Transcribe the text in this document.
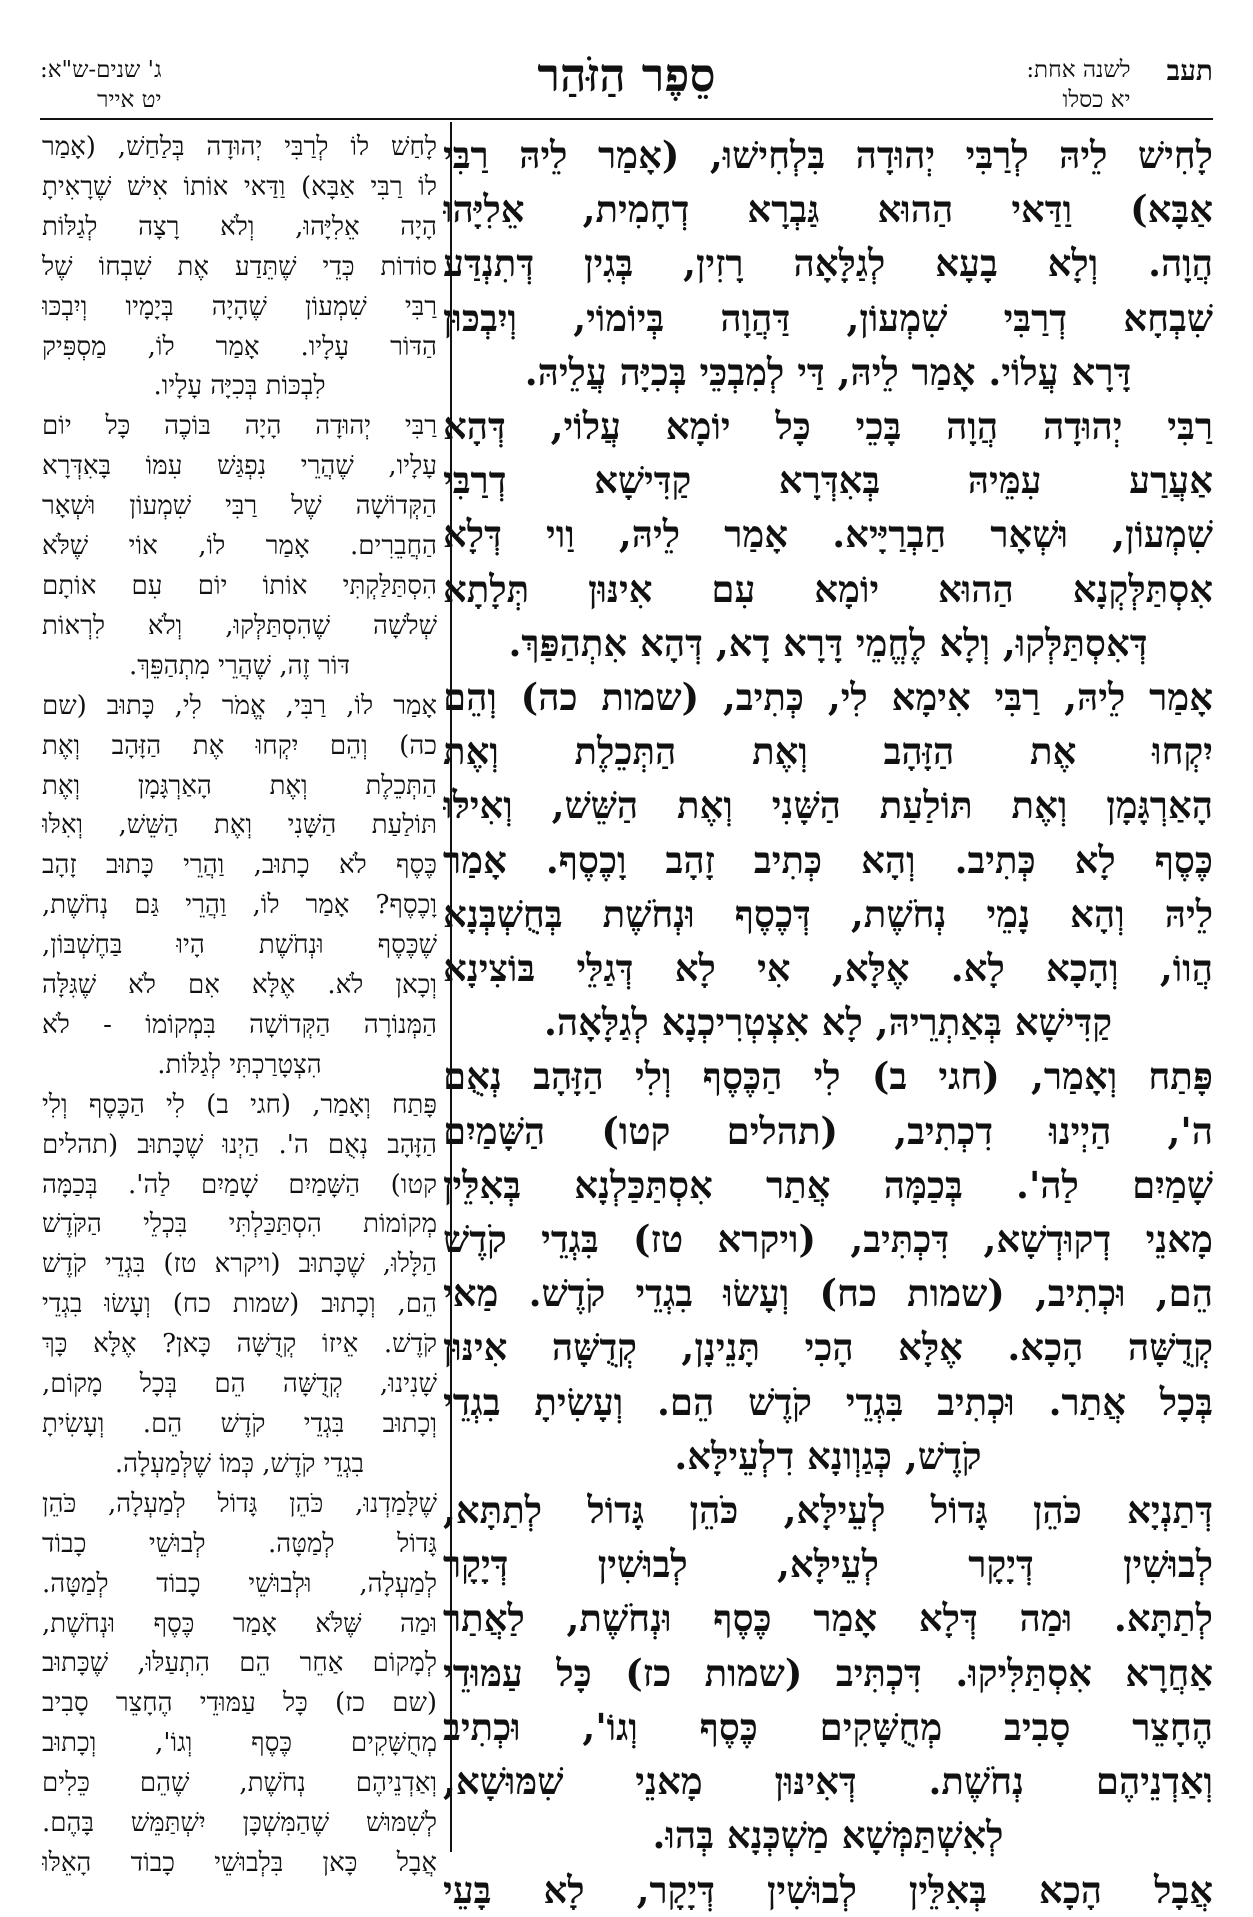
תעב
לשנה אחת:
יא כסלו
סֵפֶר הַזֹּהַר
ג' שנים-ש"א:
יט אייר
לָחִישׁ לֵיהּ לְרַבִּי יְהוּדָה בִּלְחִישׁוּ, (אָמַר לֵיהּ רַבִּי
אַבָּא) וַדַּאי הַהוּא גַּבְרָא דְחָמִית, אֵלִיָּהוּ
הֲוָה. וְלָא בָעָא לְגַלָּאָה רָזִין, בְּגִין דְּתִנְדַּע
שִׁבְחָא דְרַבִּי שִׁמְעוֹן, דַּהֲוָה בְּיוֹמוֹי, וְיִבְכּוּן
דָּרָא עֲלוֹי. אָמַר לֵיהּ, דַּי לְמִבְכֵּי בְּכִיָּה עֲלֵיהּ.
רַבִּי יְהוּדָה הֲוָה בָּכֵי כָּל יוֹמָא עֲלוֹי, דְּהָא
אַעֲרַע עִמֵּיהּ בְּאִדְּרָא קַדִּישָׁא דְרַבִּי
שִׁמְעוֹן, וּשְׁאָר חַבְרַיָּיא. אָמַר לֵיהּ, וַוי דְּלָא
אִסְתַּלְּקְנָא הַהוּא יוֹמָא עִם אִינּוּן תְּלָתָא
דְּאִסְתַּלְּקוּ, וְלָא לֶחֱמֵי דָּרָא דָא, דְּהָא אִתְהַפַּךְ.
אָמַר לֵיהּ, רַבִּי אִימָא לִי, כְּתִיב, (שמות כה) וְהֵם
יִקְחוּ אֶת הַזָּהָב וְאֶת הַתְּכֵלֶת וְאֶת
הָאַרְגָּמָן וְאֶת תּוֹלַעַת הַשָּׁנִי וְאֶת הַשֵּׁשׁ, וְאִילּוּ
כֶּסֶף לָא כְּתִיב. וְהָא כְּתִיב זָהָב וָכֶסֶף. אָמַר
לֵיהּ וְהָא נָמֵי נְחֹשֶׁת, דְּכֶסֶף וּנְחֹשֶׁת בְּחֻשְׁבְּנָא
הֲווֹ, וְהָכָא לָא. אֶלָּא, אִי לָא דְּגַלֵּי בּוֹצִינָא
קַדִּישָׁא בְּאַתְרֵיהּ, לָא אִצְטְרִיכְנָא לְגַלָּאָה.
פָּתַח וְאָמַר, (חגי ב) לִי הַכֶּסֶף וְלִי הַזָּהָב נְאֻם
ה', הַיְינוּ דִכְתִיב, (תהלים קטו) הַשָּׁמַיִם
שָׁמַיִם לַה'. בְּכַמָּה אֲתַר אִסְתַּכַּלְנָא בְּאִלֵּין
מָאנֵי דְקוּדְשָׁא, דִּכְתִּיב, (ויקרא טז) בִּגְדֵי קֹדֶשׁ
הֵם, וּכְתִיב, (שמות כח) וְעָשׂוּ בִגְדֵי קֹדֶשׁ. מַאי
קְדֻשָּׁה הָכָא. אֶלָּא הָכִי תָּנֵינָן, קְדֻשָּׁה אִינּוּן
בְּכָל אֲתַר. וּכְתִיב בִּגְדֵי קֹדֶשׁ הֵם. וְעָשִׂיתָ בִגְדֵי
קֹדֶשׁ, כְּגַוְונָא דִלְעֵילָּא.
דְּתַנְיָא כֹּהֵן גָּדוֹל לְעֵילָּא, כֹּהֵן גָּדוֹל לְתַתָּא,
לְבוּשִׁין דְּיָקָר לְעֵילָּא, לְבוּשִׁין דְּיָקָר
לְתַתָּא. וּמַה דְּלָא אָמַר כֶּסֶף וּנְחֹשֶׁת, לַאֲתַר
אַחֲרָא אִסְתַּלִּיקוּ. דִּכְתִּיב (שמות כז) כָּל עַמּוּדֵי
הֶחָצֵר סָבִיב מְחֻשָּׁקִים כֶּסֶף וְגוֹ', וּכְתִיב
וְאַדְנֵיהֶם נְחֹשֶׁת. דְּאִינּוּן מָאנֵי שִׁמּוּשָׁא,
לְאִשְׁתַּמְּשָׁא מַשְׁכְּנָא בְּהוּ.
אֲבָל הָכָא בְּאִלֵּין לְבוּשִׁין דְּיָקָר, לָא בָּעֵי
לָחַשׁ לוֹ לְרַבִּי יְהוּדָה בְּלַחַשׁ, (אָמַר
לוֹ רַבִּי אַבָּא) וַדַּאי אוֹתוֹ אִישׁ שֶׁרָאִיתָ
הָיָה אֵלִיָּהוּ, וְלֹא רָצָה לְגַלּוֹת
סוֹדוֹת כְּדֵי שֶׁתֵּדַע אֶת שִׁבְחוֹ שֶׁל
רַבִּי שִׁמְעוֹן שֶׁהָיָה בְּיָמָיו וְיִבְכּוּ
הַדּוֹר עָלָיו. אָמַר לוֹ, מַסְפִּיק
לִבְכּוֹת בְּכִיָּה עָלָיו.
רַבִּי יְהוּדָה הָיָה בּוֹכֶה כָּל יוֹם
עָלָיו, שֶׁהֲרֵי נִפְגַּשׁ עִמּוֹ בָּאִדְּרָא
הַקְּדוֹשָׁה שֶׁל רַבִּי שִׁמְעוֹן וּשְׁאָר
הַחֲבֵרִים. אָמַר לוֹ, אוֹי שֶׁלֹּא
הִסְתַּלַּקְתִּי אוֹתוֹ יוֹם עִם אוֹתָם
שְׁלֹשָׁה שֶׁהִסְתַּלְּקוּ, וְלֹא לִרְאוֹת
דּוֹר זֶה, שֶׁהֲרֵי מִתְהַפֵּךְ.
אָמַר לוֹ, רַבִּי, אֱמֹר לִי, כָּתוּב (שם
כה) וְהֵם יִקְחוּ אֶת הַזָּהָב וְאֶת
הַתְּכֵלֶת וְאֶת הָאַרְגָּמָן וְאֶת
תּוֹלַעַת הַשָּׁנִי וְאֶת הַשֵּׁשׁ, וְאִלּוּ
כֶּסֶף לֹא כָתוּב, וַהֲרֵי כָּתוּב זָהָב
וָכֶסֶף? אָמַר לוֹ, וַהֲרֵי גַּם נְחֹשֶׁת,
שֶׁכֶּסֶף וּנְחֹשֶׁת הָיוּ בַּחֶשְׁבּוֹן,
וְכָאן לֹא. אֶלָּא אִם לֹא שֶׁגִּלָּה
הַמְּנוֹרָה הַקְּדוֹשָׁה בִּמְקוֹמוֹ - לֹא
הִצְטָרַכְתִּי לְגַלּוֹת.
פָּתַח וְאָמַר, (חגי ב) לִי הַכֶּסֶף וְלִי
הַזָּהָב נְאֻם ה'. הַיְנוּ שֶׁכָּתוּב (תהלים
קטו) הַשָּׁמַיִם שָׁמַיִם לַה'. בְּכַמָּה
מְקוֹמוֹת הִסְתַּכַּלְתִּי בִּכְלֵי הַקֹּדֶשׁ
הַלָּלוּ, שֶׁכָּתוּב (ויקרא טז) בִּגְדֵי קֹדֶשׁ
הֵם, וְכָתוּב (שמות כח) וְעָשׂוּ בִגְדֵי
קֹדֶשׁ. אֵיזוֹ קְדֻשָּׁה כָּאן? אֶלָּא כָּךְ
שָׁנִינוּ, קְדֻשָּׁה הֵם בְּכָל מָקוֹם,
וְכָתוּב בִּגְדֵי קֹדֶשׁ הֵם. וְעָשִׂיתָ
בִגְדֵי קֹדֶשׁ, כְּמוֹ שֶׁלְּמַעְלָה.
שֶׁלָּמַדְנוּ, כֹּהֵן גָּדוֹל לְמַעְלָה, כֹּהֵן
גָּדוֹל לְמַטָּה. לְבוּשֵׁי כָבוֹד
לְמַעְלָה, וּלְבוּשֵׁי כָבוֹד לְמַטָּה.
וּמַה שֶּׁלֹּא אָמַר כֶּסֶף וּנְחֹשֶׁת,
לְמָקוֹם אַחֵר הֵם הִתְעַלּוּ, שֶׁכָּתוּב
(שם כז) כָּל עַמּוּדֵי הֶחָצֵר סָבִיב
מְחֻשָּׁקִים כֶּסֶף וְגוֹ', וְכָתוּב
וְאַדְנֵיהֶם נְחֹשֶׁת, שֶׁהֵם כֵּלִים
לְשִׁמּוּשׁ שֶׁהַמִּשְׁכָּן יִשְׁתַּמֵּשׁ בָּהֶם.
אֲבָל כָּאן בִּלְבוּשֵׁי כָבוֹד הָאֵלּוּ
